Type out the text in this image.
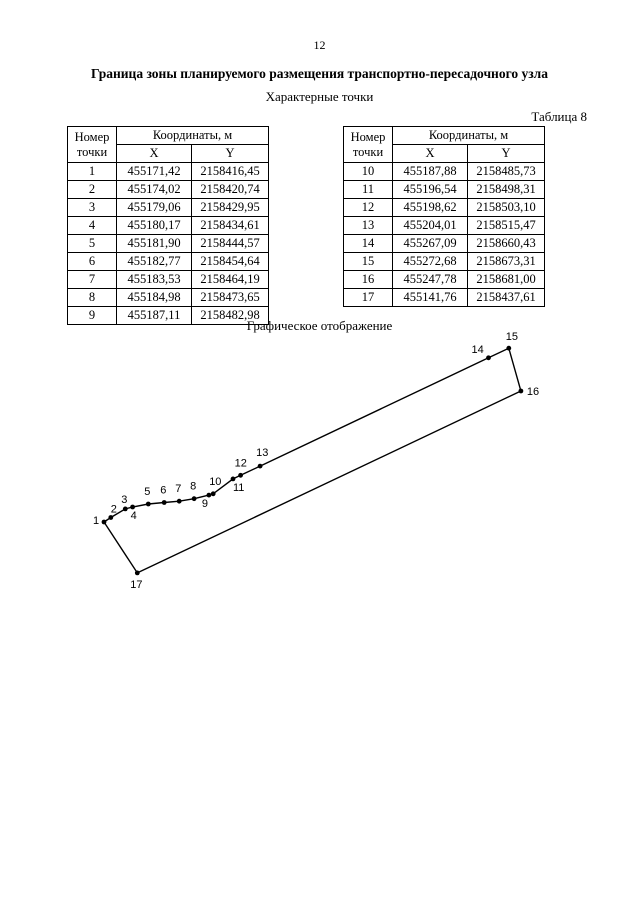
12
Граница зоны планируемого размещения транспортно-пересадочного узла
Характерные точки
Таблица 8
Номер
точки	Координаты, м	
	X	Y
1	455171,42	2158416,45
2	455174,02	2158420,74
3	455179,06	2158429,95
4	455180,17	2158434,61
5	455181,90	2158444,57
6	455182,77	2158454,64
7	455183,53	2158464,19
8	455184,98	2158473,65
9	455187,11	2158482,98
Номер
точки	Координаты, м	
	X	Y
10	455187,88	2158485,73
11	455196,54	2158498,31
12	455198,62	2158503,10
13	455204,01	2158515,47
14	455267,09	2158660,43
15	455272,68	2158673,31
16	455247,78	2158681,00
17	455141,76	2158437,61
Графическое отображение
1
2
3
4
5 6 7 8
9
10
11
12
13
14
15
16
17
